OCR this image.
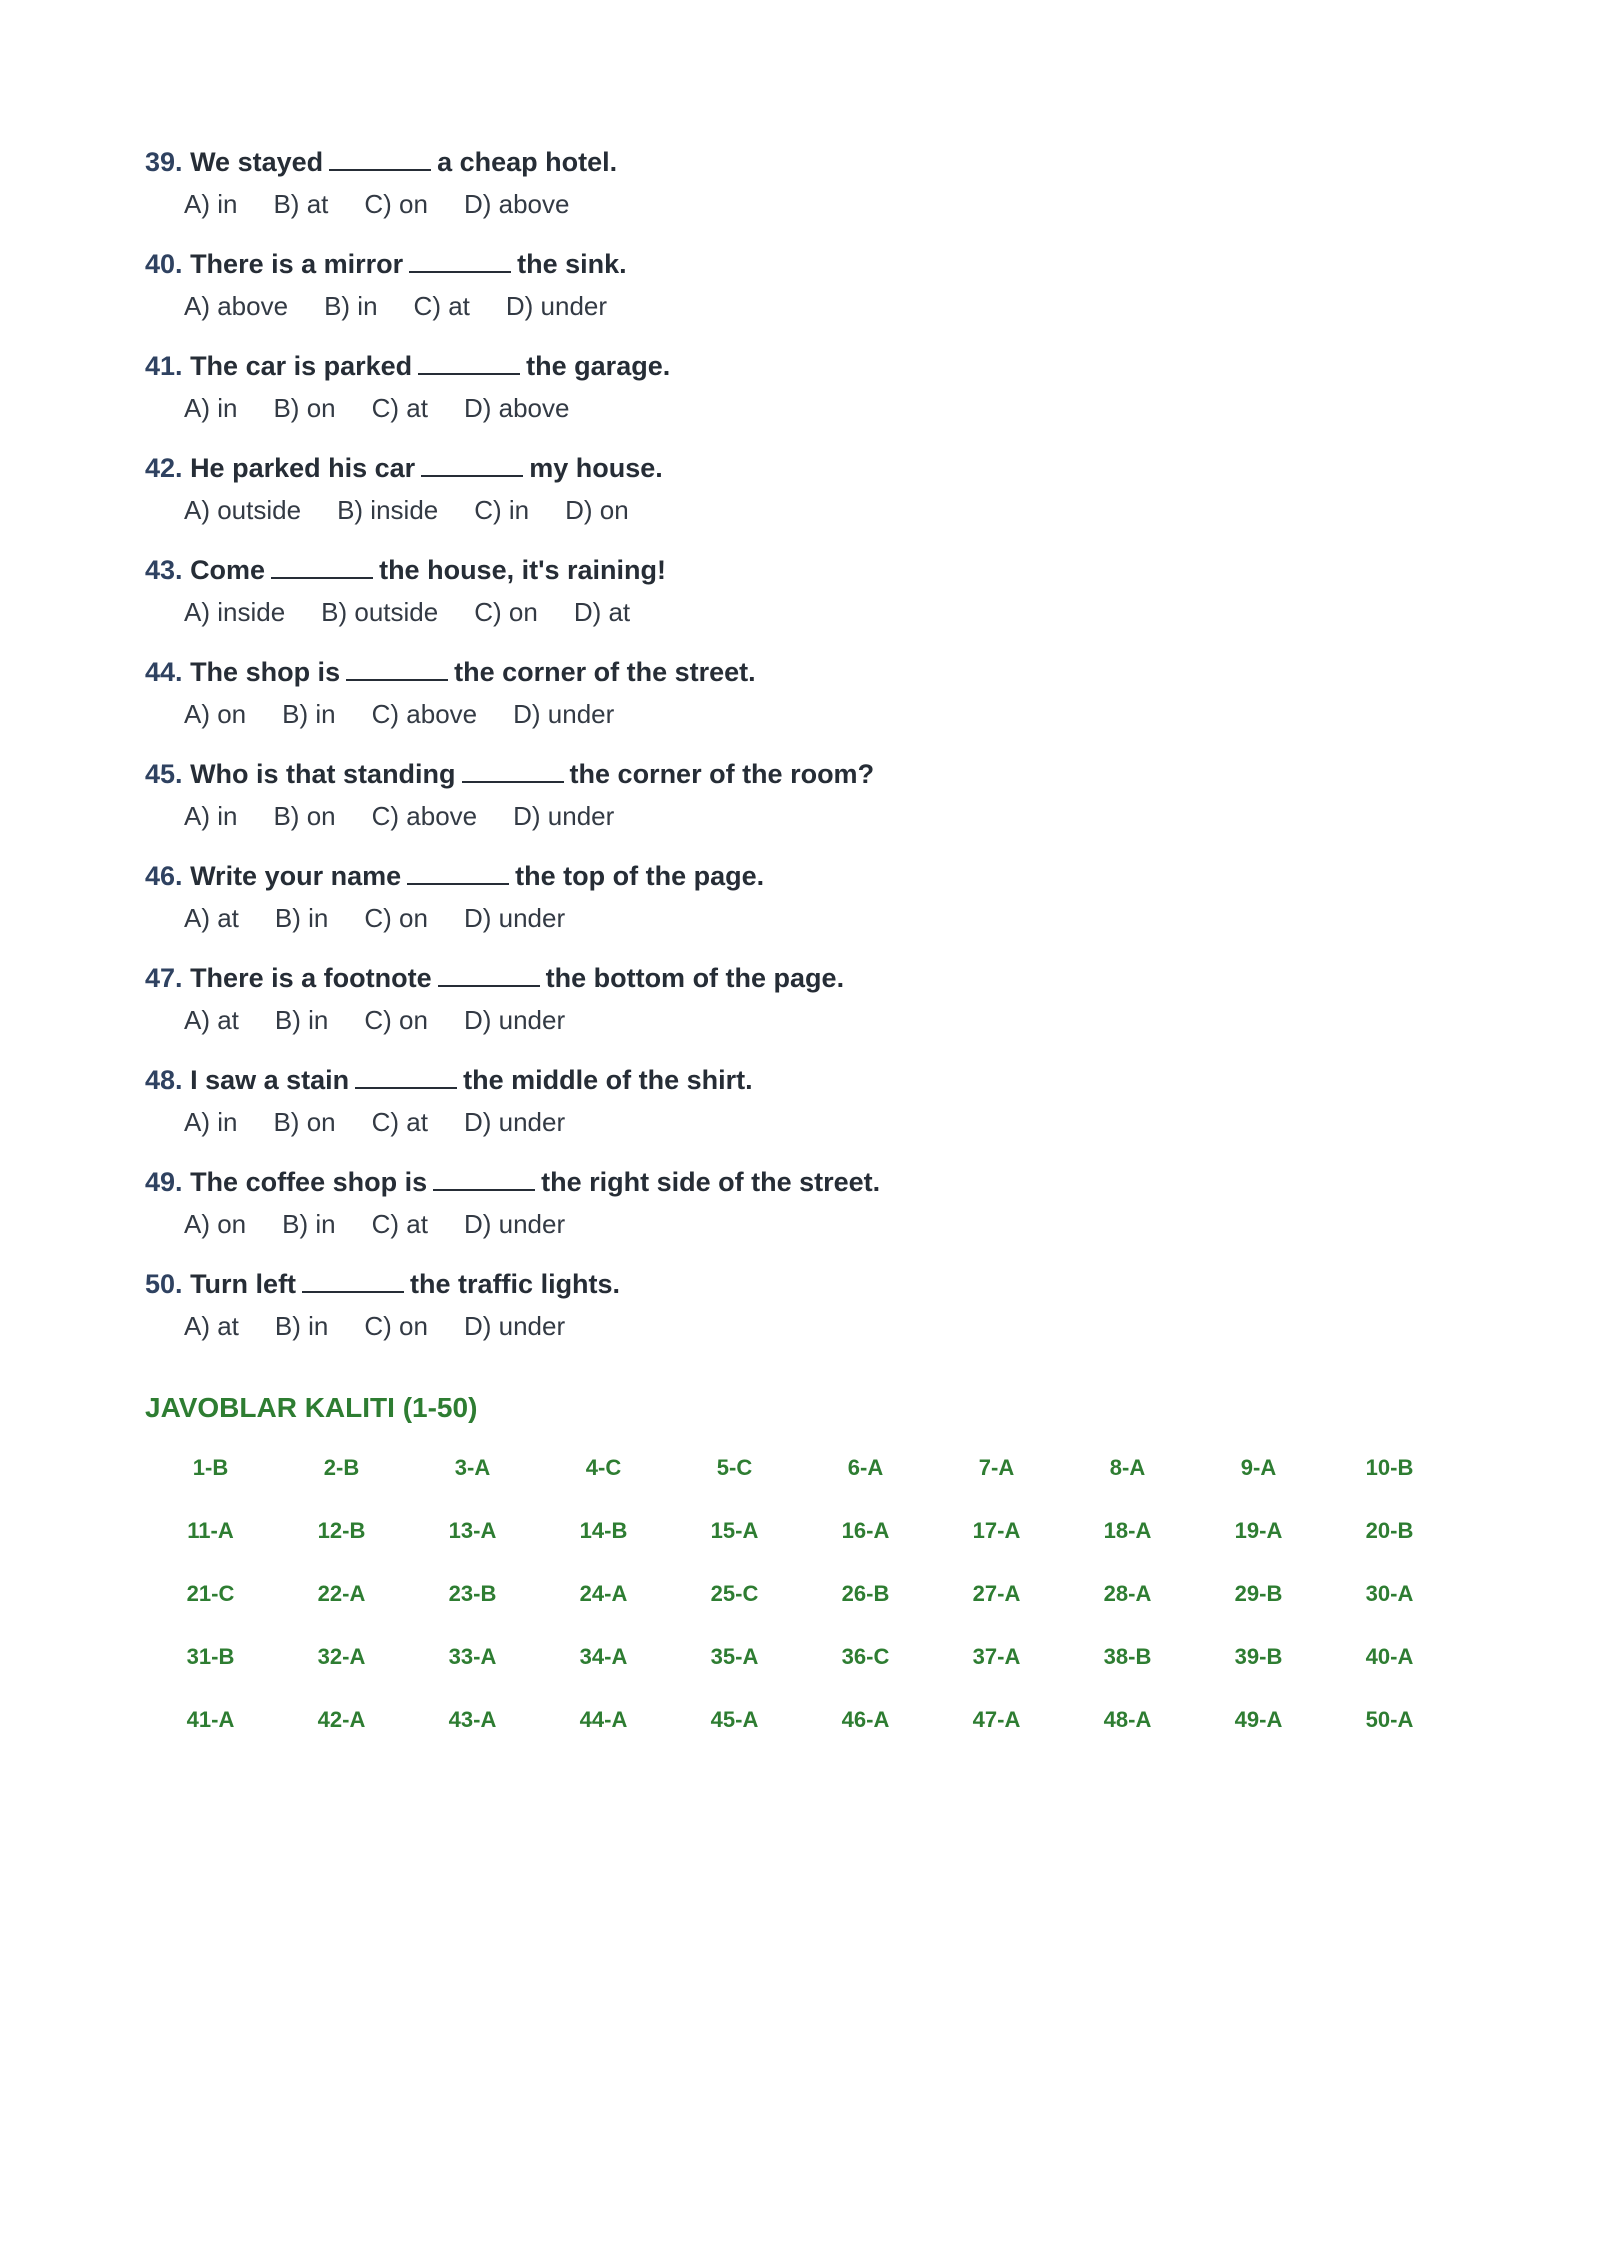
39. We stayed	a cheap hotel.
A) in B) at C) on D) above
40. There is a mirror	the sink.
A) above B) in C) at D) under
41. The car is parked	the garage.
A) in B) on C) at D) above
42. He parked his car	my house.
A) outside B) inside C) in D) on
43. Come	the house, it's raining!
A) inside B) outside C) on D) at
44. The shop is	the corner of the street.
A) on B) in C) above D) under
45. Who is that standing	the corner of the room?
A) in B) on C) above D) under
46. Write your name	the top of the page.
A) at B) in C) on D) under
47. There is a footnote	the bottom of the page.
A) at B) in C) on D) under
48. I saw a stain	the middle of the shirt.
A) in B) on C) at D) under
49. The coffee shop is	the right side of the street.
A) on B) in C) at D) under
50. Turn left	the traffic lights.
A) at B) in C) on D) under
JAVOBLAR KALITI (1-50)
1-B	2-B	3-A	4-C	5-C	6-A	7-A	8-A	9-A	10-B
11-A	12-B	13-A	14-B	15-A	16-A	17-A	18-A	19-A	20-B
21-C	22-A	23-B	24-A	25-C	26-B	27-A	28-A	29-B	30-A
31-B	32-A	33-A	34-A	35-A	36-C	37-A	38-B	39-B	40-A
41-A	42-A	43-A	44-A	45-A	46-A	47-A	48-A	49-A	50-A
